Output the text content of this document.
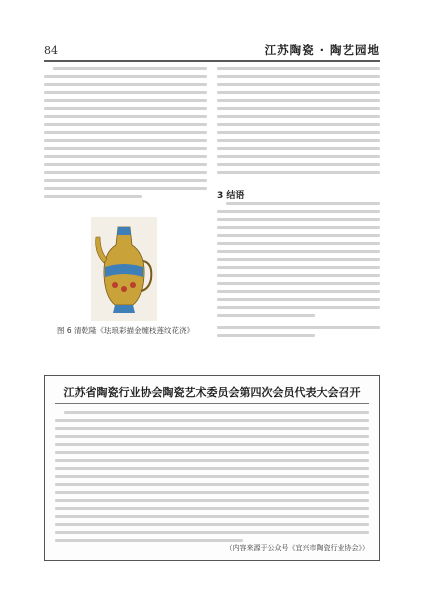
84	江苏陶瓷 · 陶艺园地
图 6 清乾隆《珐琅彩描金缠枝莲纹花浇》
3 结语
江苏省陶瓷行业协会陶瓷艺术委员会第四次会员代表大会召开
（内容来源于公众号《宜兴市陶瓷行业协会》）
